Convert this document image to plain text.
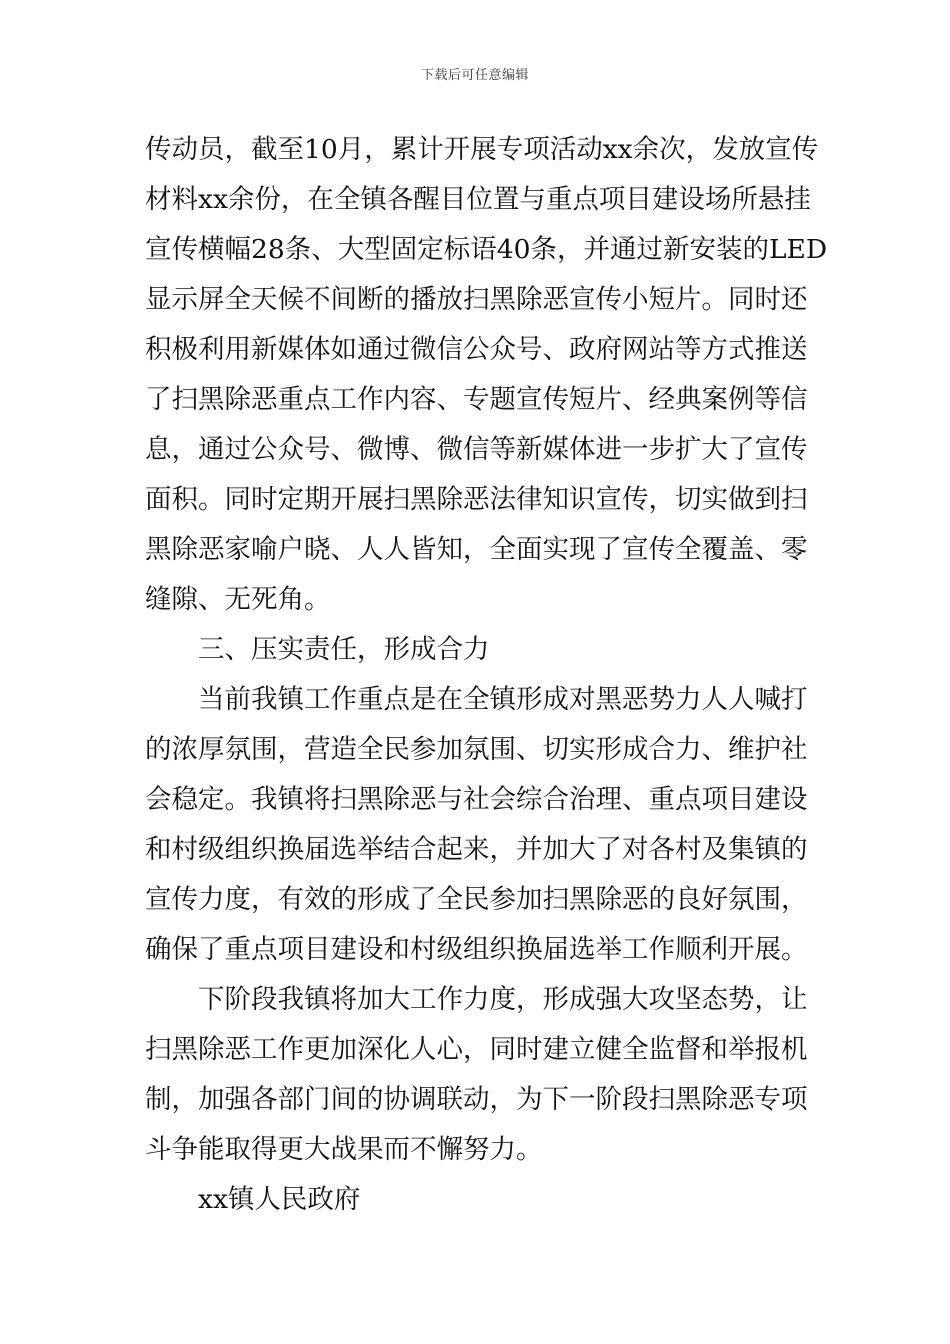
下载后可任意编辑
传动员，截至10月，累计开展专项活动xx余次，发放宣传
材料xx余份，在全镇各醒目位置与重点项目建设场所悬挂
宣传横幅28条、大型固定标语40条，并通过新安装的LED
显示屏全天候不间断的播放扫黑除恶宣传小短片。同时还
积极利用新媒体如通过微信公众号、政府网站等方式推送
了扫黑除恶重点工作内容、专题宣传短片、经典案例等信
息，通过公众号、微博、微信等新媒体进一步扩大了宣传
面积。同时定期开展扫黑除恶法律知识宣传，切实做到扫
黑除恶家喻户晓、人人皆知，全面实现了宣传全覆盖、零
缝隙、无死角。
三、压实责任，形成合力
当前我镇工作重点是在全镇形成对黑恶势力人人喊打
的浓厚氛围，营造全民参加氛围、切实形成合力、维护社
会稳定。我镇将扫黑除恶与社会综合治理、重点项目建设
和村级组织换届选举结合起来，并加大了对各村及集镇的
宣传力度，有效的形成了全民参加扫黑除恶的良好氛围，
确保了重点项目建设和村级组织换届选举工作顺利开展。
下阶段我镇将加大工作力度，形成强大攻坚态势，让
扫黑除恶工作更加深化人心，同时建立健全监督和举报机
制，加强各部门间的协调联动，为下一阶段扫黑除恶专项
斗争能取得更大战果而不懈努力。
xx镇人民政府
